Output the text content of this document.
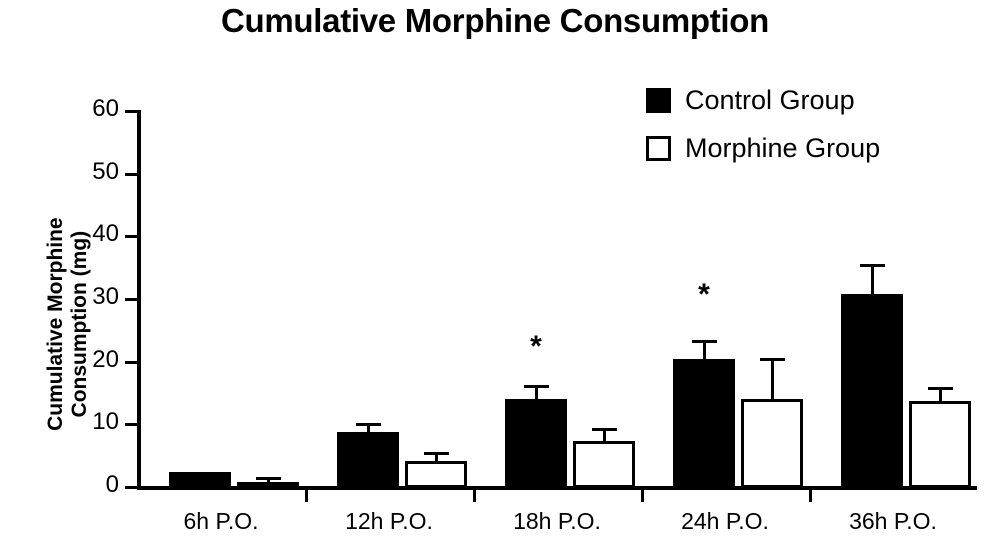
Cumulative Morphine Consumption
Cumulative Morphine Consumption (mg)
Control Group
Morphine Group
60
50
40
30
20
10
0
6h P.O.	12h P.O.	18h P.O.	24h P.O.	36h P.O.
*
*
